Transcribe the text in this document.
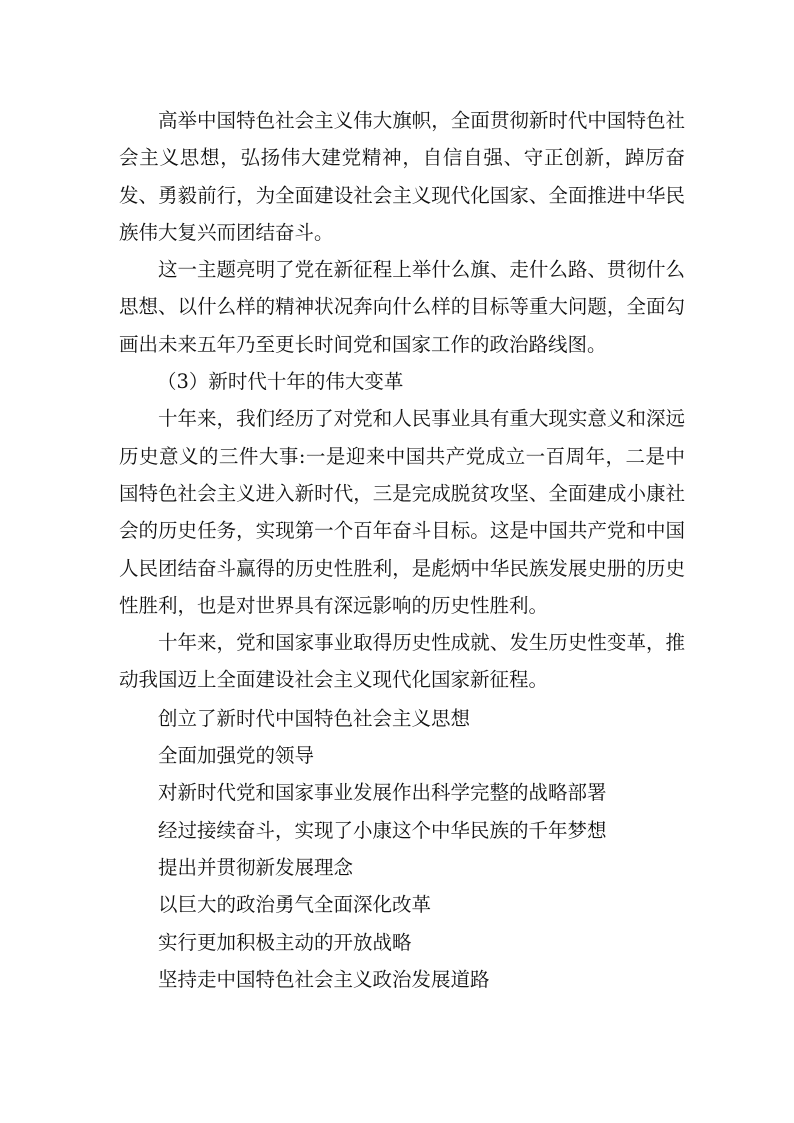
高举中国特色社会主义伟大旗帜，全面贯彻新时代中国特色社会主义思想，弘扬伟大建党精神，自信自强、守正创新，踔厉奋发、勇毅前行，为全面建设社会主义现代化国家、全面推进中华民族伟大复兴而团结奋斗。

这一主题亮明了党在新征程上举什么旗、走什么路、贯彻什么思想、以什么样的精神状况奔向什么样的目标等重大问题，全面勾画出未来五年乃至更长时间党和国家工作的政治路线图。

（3）新时代十年的伟大变革

十年来，我们经历了对党和人民事业具有重大现实意义和深远历史意义的三件大事:一是迎来中国共产党成立一百周年，二是中国特色社会主义进入新时代，三是完成脱贫攻坚、全面建成小康社会的历史任务，实现第一个百年奋斗目标。这是中国共产党和中国人民团结奋斗赢得的历史性胜利，是彪炳中华民族发展史册的历史性胜利，也是对世界具有深远影响的历史性胜利。

十年来，党和国家事业取得历史性成就、发生历史性变革，推动我国迈上全面建设社会主义现代化国家新征程。

创立了新时代中国特色社会主义思想

全面加强党的领导

对新时代党和国家事业发展作出科学完整的战略部署

经过接续奋斗，实现了小康这个中华民族的千年梦想

提出并贯彻新发展理念

以巨大的政治勇气全面深化改革

实行更加积极主动的开放战略

坚持走中国特色社会主义政治发展道路
